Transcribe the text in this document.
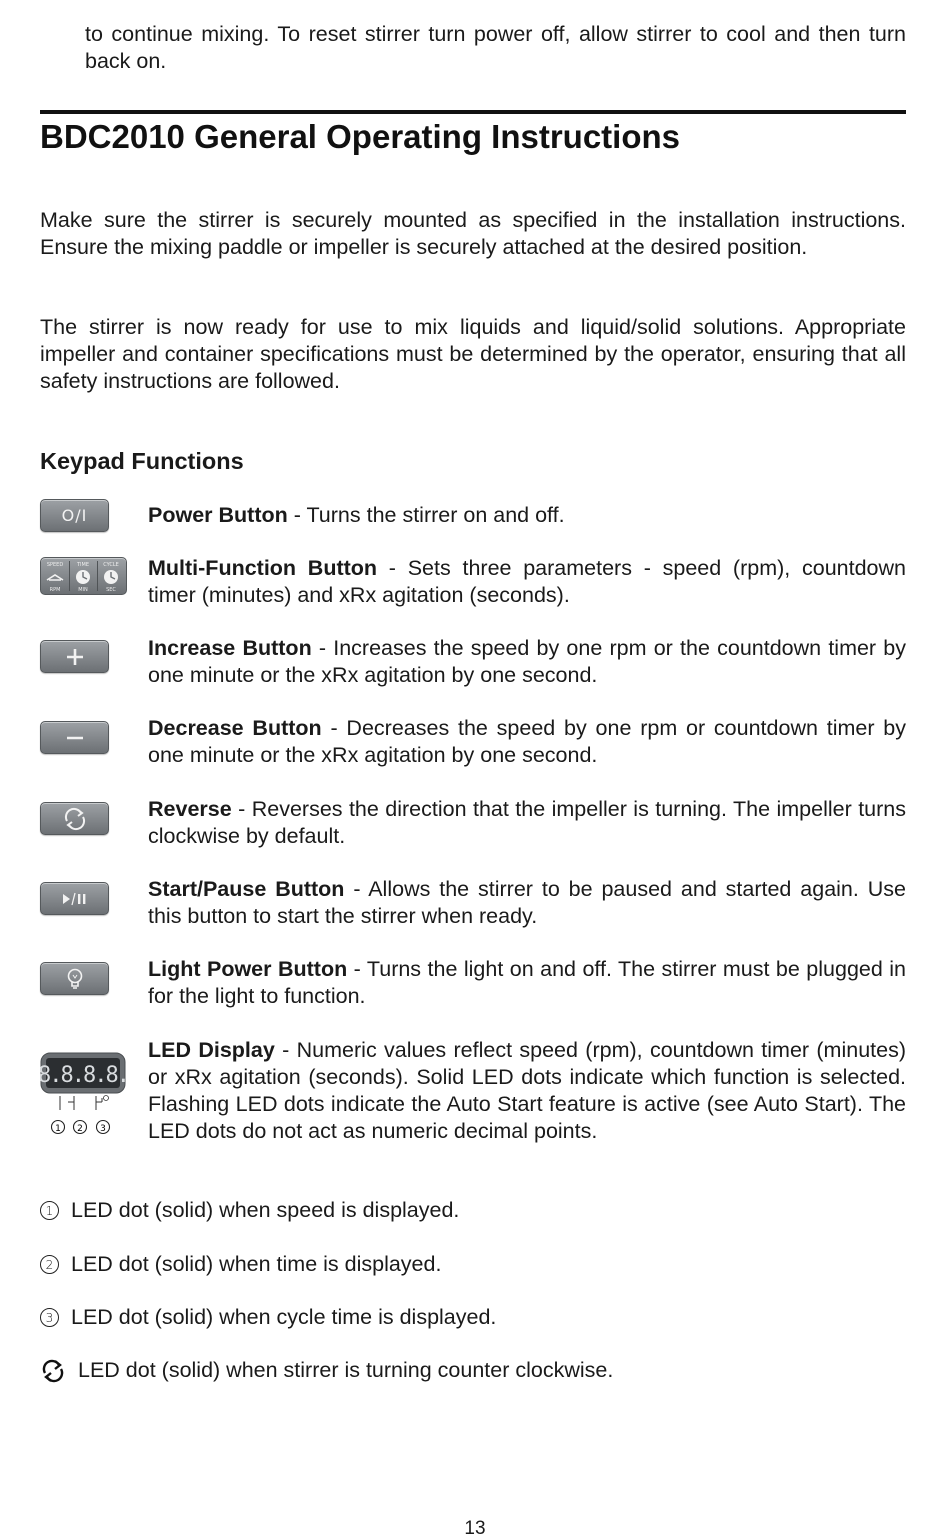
to continue mixing. To reset stirrer turn power off, allow stirrer to cool and then turn back on.

BDC2010 General Operating Instructions

Make sure the stirrer is securely mounted as specified in the installation instructions. Ensure the mixing paddle or impeller is securely attached at the desired position.

The stirrer is now ready for use to mix liquids and liquid/solid solutions. Appropriate impeller and container specifications must be determined by the operator, ensuring that all safety instructions are followed.

Keypad Functions
O/I	Power Button - Turns the stirrer on and off.

SPEED	TIME	CYCLE
RPM	MIN	SEC

Multi-Function Button - Sets three parameters - speed (rpm), countdown timer (minutes) and xRx agitation (seconds).

Increase Button - Increases the speed by one rpm or the countdown timer by one minute or the xRx agitation by one second.

Decrease Button - Decreases the speed by one rpm or countdown timer by one minute or the xRx agitation by one second.

Reverse - Reverses the direction that the impeller is turning. The impeller turns clockwise by default.

Start/Pause Button - Allows the stirrer to be paused and started again. Use this button to start the stirrer when ready.

Light Power Button - Turns the light on and off. The stirrer must be plugged in for the light to function.

8.8.8.8.
1 2 3

LED Display - Numeric values reflect speed (rpm), countdown timer (minutes) or xRx agitation (seconds). Solid LED dots indicate which function is selected. Flashing LED dots indicate the Auto Start feature is active (see Auto Start). The LED dots do not act as numeric decimal points.

1 LED dot (solid) when speed is displayed.
2 LED dot (solid) when time is displayed.
3 LED dot (solid) when cycle time is displayed.
LED dot (solid) when stirrer is turning counter clockwise.
13
